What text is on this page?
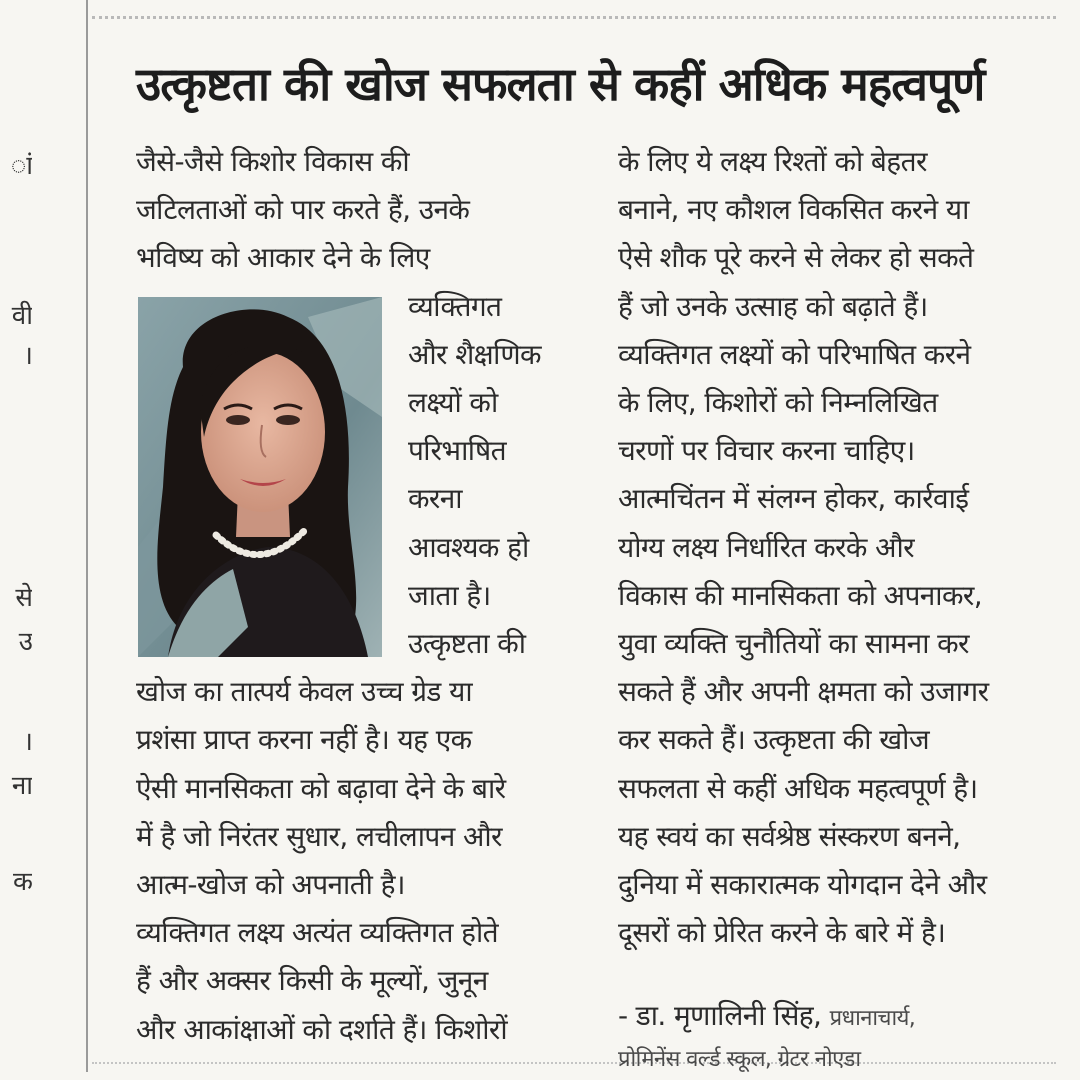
ां
वी
।
से
उ
।
ना
क
उत्कृष्टता की खोज सफलता से कहीं अधिक महत्वपूर्ण
जैसे-जैसे किशोर विकास की
जटिलताओं को पार करते हैं, उनके
भविष्य को आकार देने के लिए
व्यक्तिगत
और शैक्षणिक
लक्ष्यों को
परिभाषित
करना
आवश्यक हो
जाता है।
उत्कृष्टता की
खोज का तात्पर्य केवल उच्च ग्रेड या
प्रशंसा प्राप्त करना नहीं है। यह एक
ऐसी मानसिकता को बढ़ावा देने के बारे
में है जो निरंतर सुधार, लचीलापन और
आत्म-खोज को अपनाती है।
व्यक्तिगत लक्ष्य अत्यंत व्यक्तिगत होते
हैं और अक्सर किसी के मूल्यों, जुनून
और आकांक्षाओं को दर्शाते हैं। किशोरों
के लिए ये लक्ष्य रिश्तों को बेहतर
बनाने, नए कौशल विकसित करने या
ऐसे शौक पूरे करने से लेकर हो सकते
हैं जो उनके उत्साह को बढ़ाते हैं।
व्यक्तिगत लक्ष्यों को परिभाषित करने
के लिए, किशोरों को निम्नलिखित
चरणों पर विचार करना चाहिए।
आत्मचिंतन में संलग्न होकर, कार्रवाई
योग्य लक्ष्य निर्धारित करके और
विकास की मानसिकता को अपनाकर,
युवा व्यक्ति चुनौतियों का सामना कर
सकते हैं और अपनी क्षमता को उजागर
कर सकते हैं। उत्कृष्टता की खोज
सफलता से कहीं अधिक महत्वपूर्ण है।
यह स्वयं का सर्वश्रेष्ठ संस्करण बनने,
दुनिया में सकारात्मक योगदान देने और
दूसरों को प्रेरित करने के बारे में है।
- डा. मृणालिनी सिंह, प्रधानाचार्य,
प्रोमिनेंस वर्ल्ड स्कूल, ग्रेटर नोएडा
